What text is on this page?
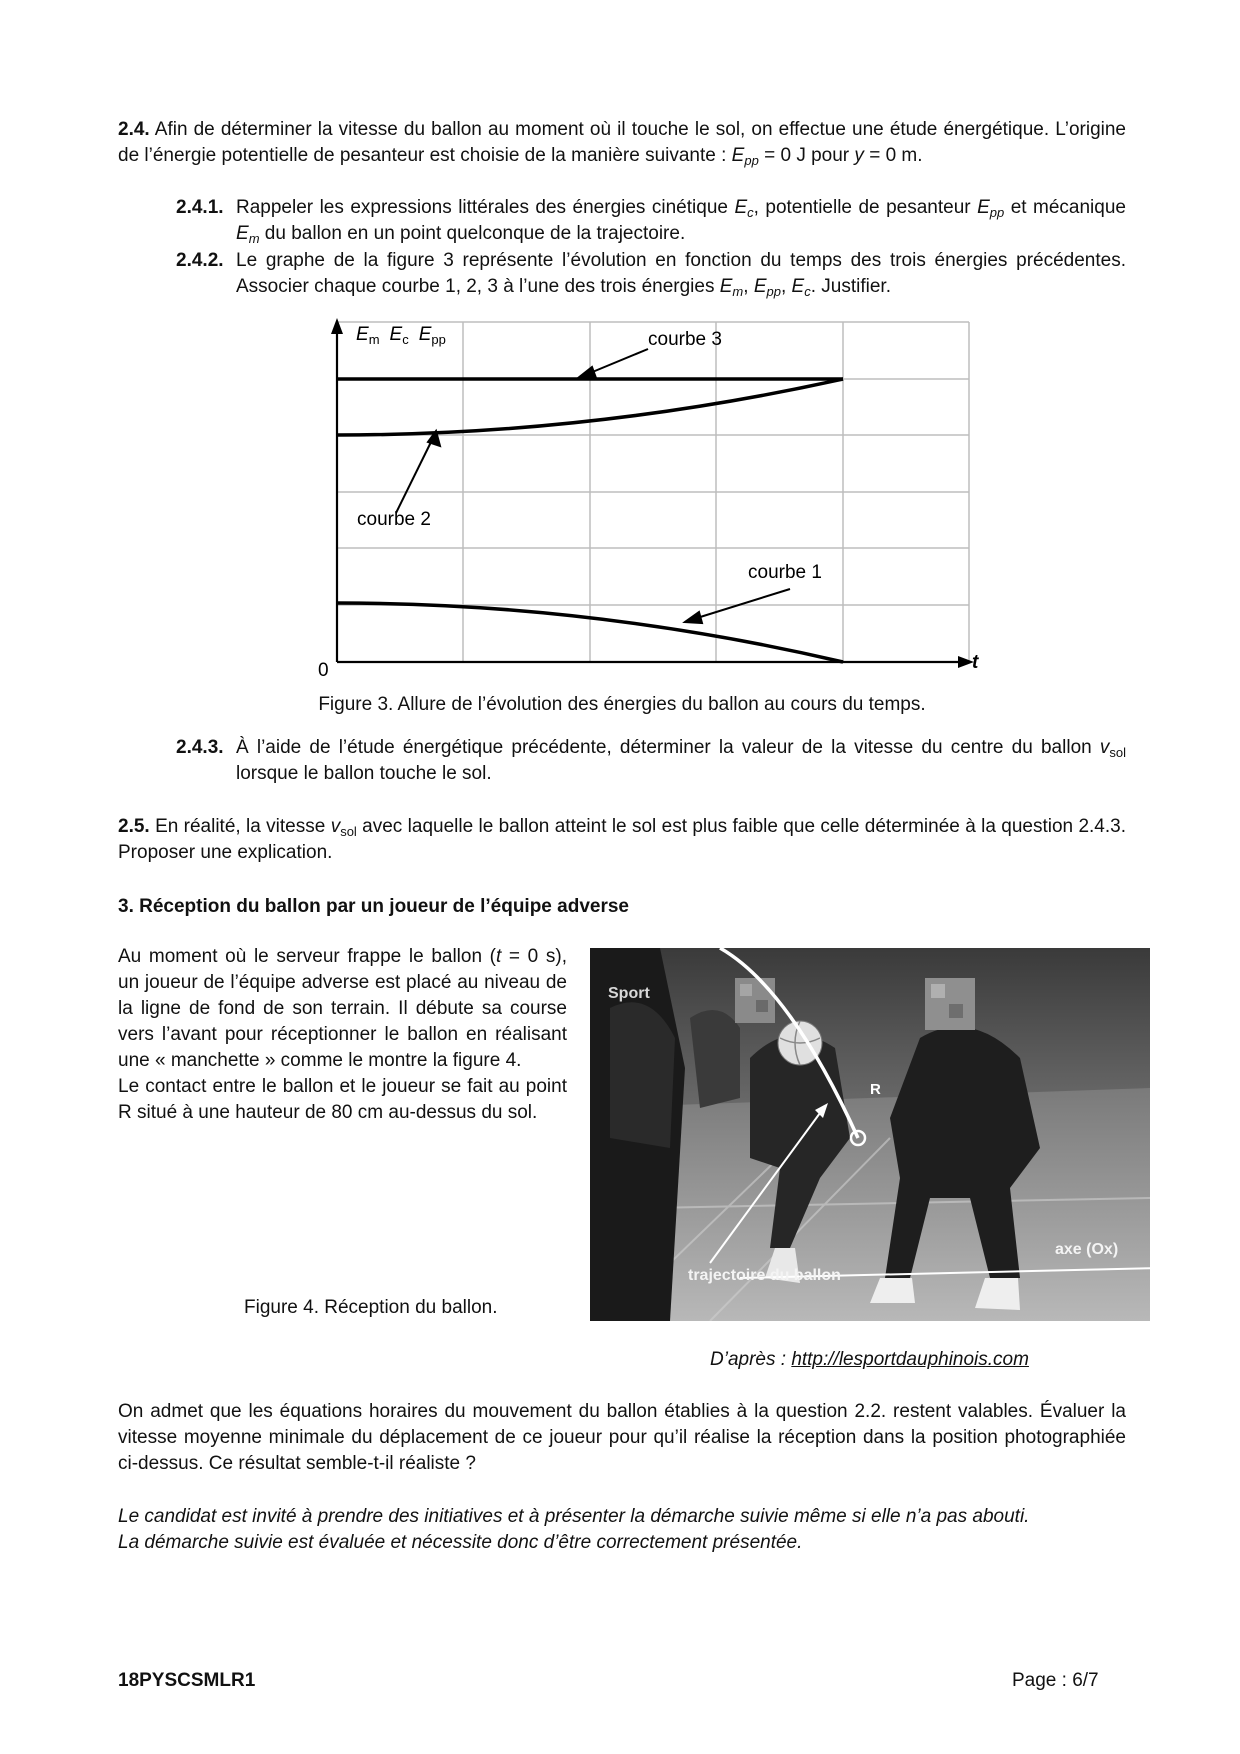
2.4. Afin de déterminer la vitesse du ballon au moment où il touche le sol, on effectue une étude énergétique. L’origine de l’énergie potentielle de pesanteur est choisie de la manière suivante : $E_{pp} = 0$ J pour y = 0 m.
2.4.1. Rappeler les expressions littérales des énergies cinétique $E_c$, potentielle de pesanteur $E_{pp}$ et mécanique $E_m$ du ballon en un point quelconque de la trajectoire.
2.4.2. Le graphe de la figure 3 représente l’évolution en fonction du temps des trois énergies précédentes. Associer chaque courbe 1, 2, 3 à l’une des trois énergies $E_m$, $E_{pp}$, $E_c$. Justifier.
$E_m$ $E_c$ $E_{pp}$	courbe 3
courbe 2
courbe 1
0	t
Figure 3. Allure de l’évolution des énergies du ballon au cours du temps.
2.4.3. À l’aide de l’étude énergétique précédente, déterminer la valeur de la vitesse du centre du ballon $v_{sol}$ lorsque le ballon touche le sol.
2.5. En réalité, la vitesse $v_{sol}$ avec laquelle le ballon atteint le sol est plus faible que celle déterminée à la question 2.4.3. Proposer une explication.
3. Réception du ballon par un joueur de l’équipe adverse
Au moment où le serveur frappe le ballon (t = 0 s), un joueur de l’équipe adverse est placé au niveau de la ligne de fond de son terrain. Il débute sa course vers l’avant pour réceptionner le ballon en réalisant une « manchette » comme le montre la figure 4.
Le contact entre le ballon et le joueur se fait au point R situé à une hauteur de 80 cm au-dessus du sol.
Sport
R
trajectoire du ballon
axe (Ox)
Figure 4. Réception du ballon.
D’après : http://lesportdauphinois.com
On admet que les équations horaires du mouvement du ballon établies à la question 2.2. restent valables. Évaluer la vitesse moyenne minimale du déplacement de ce joueur pour qu’il réalise la réception dans la position photographiée ci-dessus. Ce résultat semble-t-il réaliste ?
Le candidat est invité à prendre des initiatives et à présenter la démarche suivie même si elle n’a pas abouti.
La démarche suivie est évaluée et nécessite donc d’être correctement présentée.
18PYSCSMLR1	Page : 6/7
